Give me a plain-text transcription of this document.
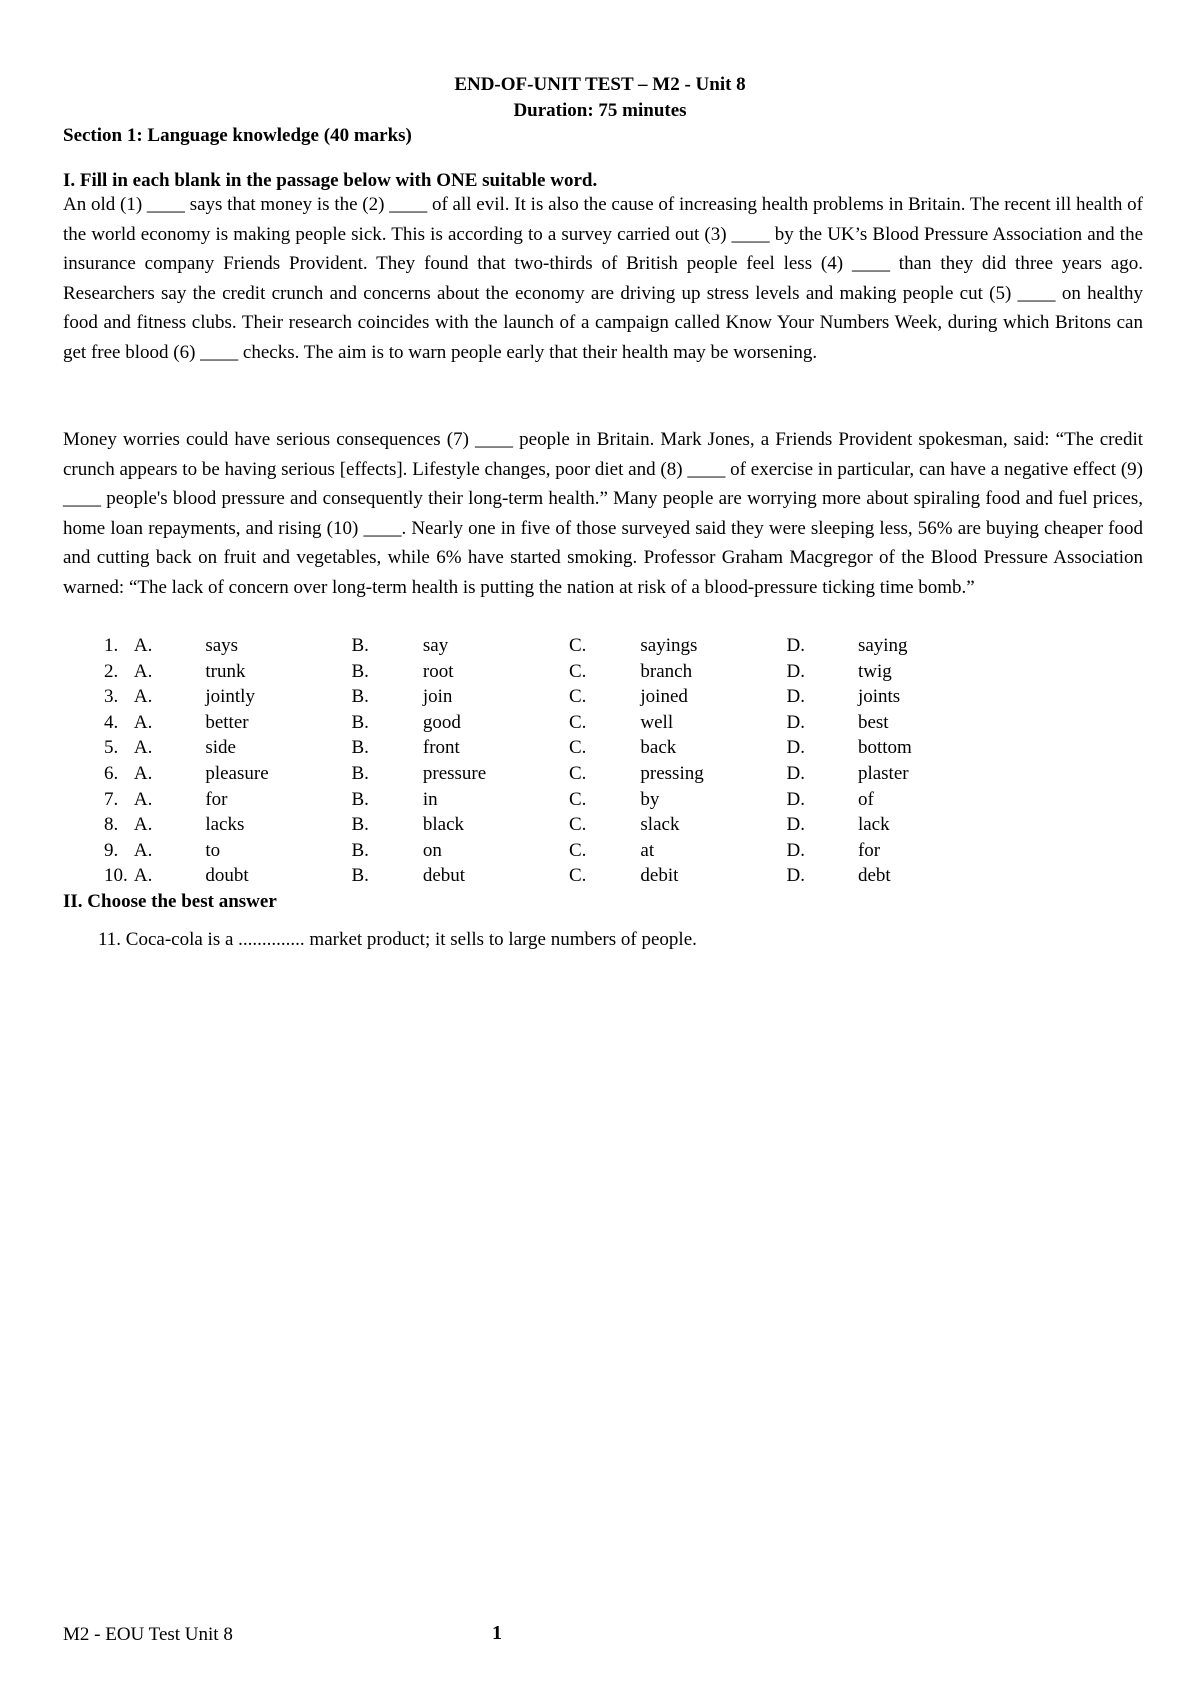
END-OF-UNIT TEST – M2 - Unit 8
Duration: 75 minutes
Section 1: Language knowledge (40 marks)
I. Fill in each blank in the passage below with ONE suitable word.

An old (1) ____ says that money is the (2) ____ of all evil. It is also the cause of increasing health problems in Britain. The recent ill health of the world economy is making people sick. This is according to a survey carried out (3) ____ by the UK’s Blood Pressure Association and the insurance company Friends Provident. They found that two-thirds of British people feel less (4) ____ than they did three years ago. Researchers say the credit crunch and concerns about the economy are driving up stress levels and making people cut (5) ____ on healthy food and fitness clubs. Their research coincides with the launch of a campaign called Know Your Numbers Week, during which Britons can get free blood (6) ____ checks. The aim is to warn people early that their health may be worsening.

Money worries could have serious consequences (7) ____ people in Britain. Mark Jones, a Friends Provident spokesman, said: “The credit crunch appears to be having serious [effects]. Lifestyle changes, poor diet and (8) ____ of exercise in particular, can have a negative effect (9) ____ people's blood pressure and consequently their long-term health.” Many people are worrying more about spiraling food and fuel prices, home loan repayments, and rising (10) ____. Nearly one in five of those surveyed said they were sleeping less, 56% are buying cheaper food and cutting back on fruit and vegetables, while 6% have started smoking. Professor Graham Macgregor of the Blood Pressure Association warned: “The lack of concern over long-term health is putting the nation at risk of a blood-pressure ticking time bomb.”

1.	A.	says	B.	say	C.	sayings	D.	saying
2.	A.	trunk	B.	root	C.	branch	D.	twig
3.	A.	jointly	B.	join	C.	joined	D.	joints
4.	A.	better	B.	good	C.	well	D.	best
5.	A.	side	B.	front	C.	back	D.	bottom
6.	A.	pleasure	B.	pressure	C.	pressing	D.	plaster
7.	A.	for	B.	in	C.	by	D.	of
8.	A.	lacks	B.	black	C.	slack	D.	lack
9.	A.	to	B.	on	C.	at	D.	for
10.	A.	doubt	B.	debut	C.	debit	D.	debt
II. Choose the best answer
11. Coca-cola is a .............. market product; it sells to large numbers of people.
M2 - EOU Test Unit 8	1
